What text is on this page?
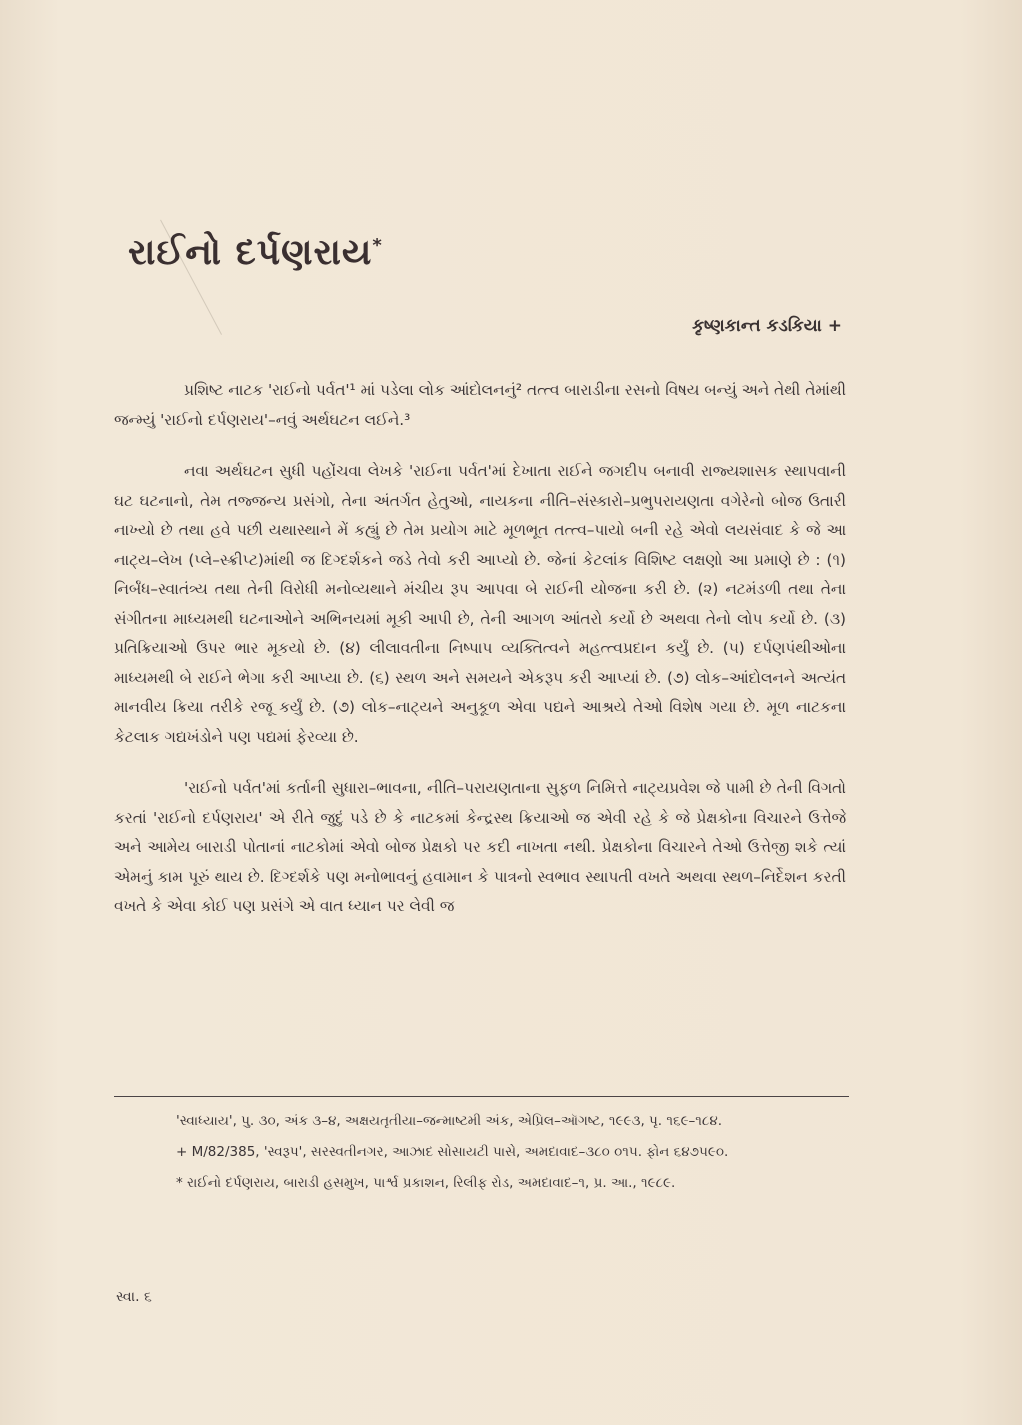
રાઈનો દર્પણરાય*
કૃષ્ણકાન્ત કડકિયા +

પ્રશિષ્ટ નાટક 'રાઈનો પર્વત'¹ માં પડેલા લોક આંદોલનનું² તત્ત્વ બારાડીના રસનો વિષય બન્યું અને તેથી તેમાંથી જન્મ્યું 'રાઈનો દર્પણરાય'–નવું અર્થઘટન લઈને.³

નવા અર્થઘટન સુધી પહોંચવા લેખકે 'રાઈના પર્વત'માં દેખાતા રાઈને જગદીપ બનાવી રાજ્યશાસક સ્થાપવાની ઘટ ઘટનાનો, તેમ તજ્જન્ય પ્રસંગો, તેના અંતર્ગત હેતુઓ, નાયકના નીતિ–સંસ્કારો–પ્રભુપરાયણતા વગેરેનો બોજ ઉતારી નાખ્યો છે તથા હવે પછી યથાસ્થાને મેં કહ્યું છે તેમ પ્રયોગ માટે મૂળભૂત તત્ત્વ–પાયો બની રહે એવો લયસંવાદ કે જે આ નાટ્ય–લેખ (પ્લે–સ્ક્રીપ્ટ)માંથી જ દિગ્દર્શકને જડે તેવો કરી આપ્યો છે. જેનાં કેટલાંક વિશિષ્ટ લક્ષણો આ પ્રમાણે છે : (૧) નિર્બંધ–સ્વાતંત્ર્ય તથા તેની વિરોધી મનોવ્યથાને મંચીય રૂપ આપવા બે રાઈની યોજના કરી છે. (૨) નટમંડળી તથા તેના સંગીતના માધ્યમથી ઘટનાઓને અભિનયમાં મૂકી આપી છે, તેની આગળ આંતરો કર્યો છે અથવા તેનો લોપ કર્યો છે. (૩) પ્રતિક્રિયાઓ ઉપર ભાર મૂકયો છે. (૪) લીલાવતીના નિષ્પાપ વ્યક્તિત્વને મહત્ત્વપ્રદાન કર્યું છે. (૫) દર્પણપંથીઓના માધ્યમથી બે રાઈને ભેગા કરી આપ્યા છે. (૬) સ્થળ અને સમયને એકરૂપ કરી આપ્યાં છે. (૭) લોક–આંદોલનને અત્યંત માનવીય ક્રિયા તરીકે રજૂ કર્યું છે. (૭) લોક–નાટ્યને અનુકૂળ એવા પદ્યને આશ્રયે તેઓ વિશેષ ગયા છે. મૂળ નાટકના કેટલાક ગદ્યખંડોને પણ પદ્યમાં ફેરવ્યા છે.

'રાઈનો પર્વત'માં કર્તાની સુધારા–ભાવના, નીતિ–પરાયણતાના સુફળ નિમિત્તે નાટ્યપ્રવેશ જે પામી છે તેની વિગતો કરતાં 'રાઈનો દર્પણરાય' એ રીતે જુદું પડે છે કે નાટકમાં કેન્દ્રસ્થ ક્રિયાઓ જ એવી રહે કે જે પ્રેક્ષકોના વિચારને ઉત્તેજે અને આમેય બારાડી પોતાનાં નાટકોમાં એવો બોજ પ્રેક્ષકો પર કદી નાખતા નથી. પ્રેક્ષકોના વિચારને તેઓ ઉત્તેજી શકે ત્યાં એમનું કામ પૂરું થાય છે. દિગ્દર્શકે પણ મનોભાવનું હવામાન કે પાત્રનો સ્વભાવ સ્થાપતી વખતે અથવા સ્થળ–નિર્દેશન કરતી વખતે કે એવા કોઈ પણ પ્રસંગે એ વાત ધ્યાન પર લેવી જ

'સ્વાધ્યાય', પુ. ૩૦, અંક ૩–૪, અક્ષયતૃતીયા–જન્માષ્ટમી અંક, એપ્રિલ–ઑગષ્ટ, ૧૯૯૩, પૃ. ૧૬૯–૧૮૪.

+ M/82/385, 'સ્વરૂપ', સરસ્વતીનગર, આઝાદ સોસાયટી પાસે, અમદાવાદ–૩૮૦ ૦૧૫. ફોન ૬૪૭૫૯૦.

* રાઈનો દર્પણરાય, બારાડી હસમુખ, પાર્શ્વ પ્રકાશન, રિલીફ રોડ, અમદાવાદ–૧, પ્ર. આ., ૧૯૮૯.

સ્વા. ૬
